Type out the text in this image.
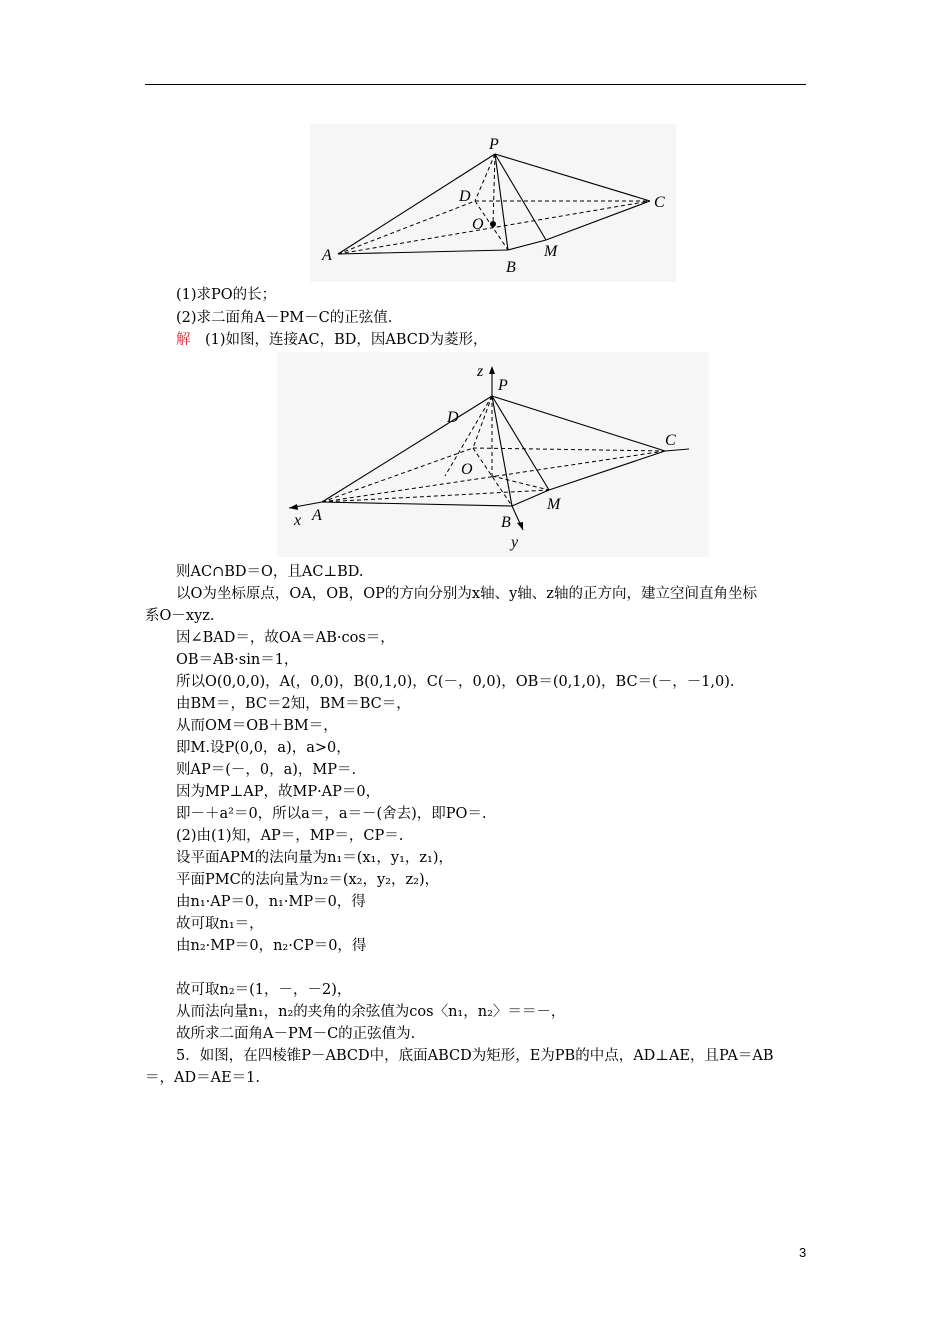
P
D	C
O
A
B
M
(1)求PO的长；
(2)求二面角A－PM－C的正弦值.
解　(1)如图，连接AC，BD，因ABCD为菱形，
z
P
D
C
O
A
x	B
M
y
则AC∩BD＝O，且AC⊥BD.
以O为坐标原点，OA，OB，OP的方向分别为x轴、y轴、z轴的正方向，建立空间直角坐标
系O－xyz.
因∠BAD＝，故OA＝AB·cos＝，
OB＝AB·sin＝1，
所以O(0,0,0)，A(，0,0)，B(0,1,0)，C(－，0,0)，OB＝(0,1,0)，BC＝(－，－1,0).
由BM＝，BC＝2知，BM＝BC＝，
从而OM＝OB＋BM＝，
即M.设P(0,0，a)，a>0，
则AP＝(－，0，a)，MP＝.
因为MP⊥AP，故MP·AP＝0，
即－＋a²＝0，所以a＝，a＝－(舍去)，即PO＝.
(2)由(1)知，AP＝，MP＝，CP＝.
设平面APM的法向量为n₁＝(x₁，y₁，z₁)，
平面PMC的法向量为n₂＝(x₂，y₂，z₂)，
由n₁·AP＝0，n₁·MP＝0，得
故可取n₁＝，
由n₂·MP＝0，n₂·CP＝0，得
故可取n₂＝(1，－，－2)，
从而法向量n₁，n₂的夹角的余弦值为cos〈n₁，n₂〉＝＝－，
故所求二面角A－PM－C的正弦值为.
5．如图，在四棱锥P－ABCD中，底面ABCD为矩形，E为PB的中点，AD⊥AE，且PA＝AB
＝，AD＝AE＝1.
3
